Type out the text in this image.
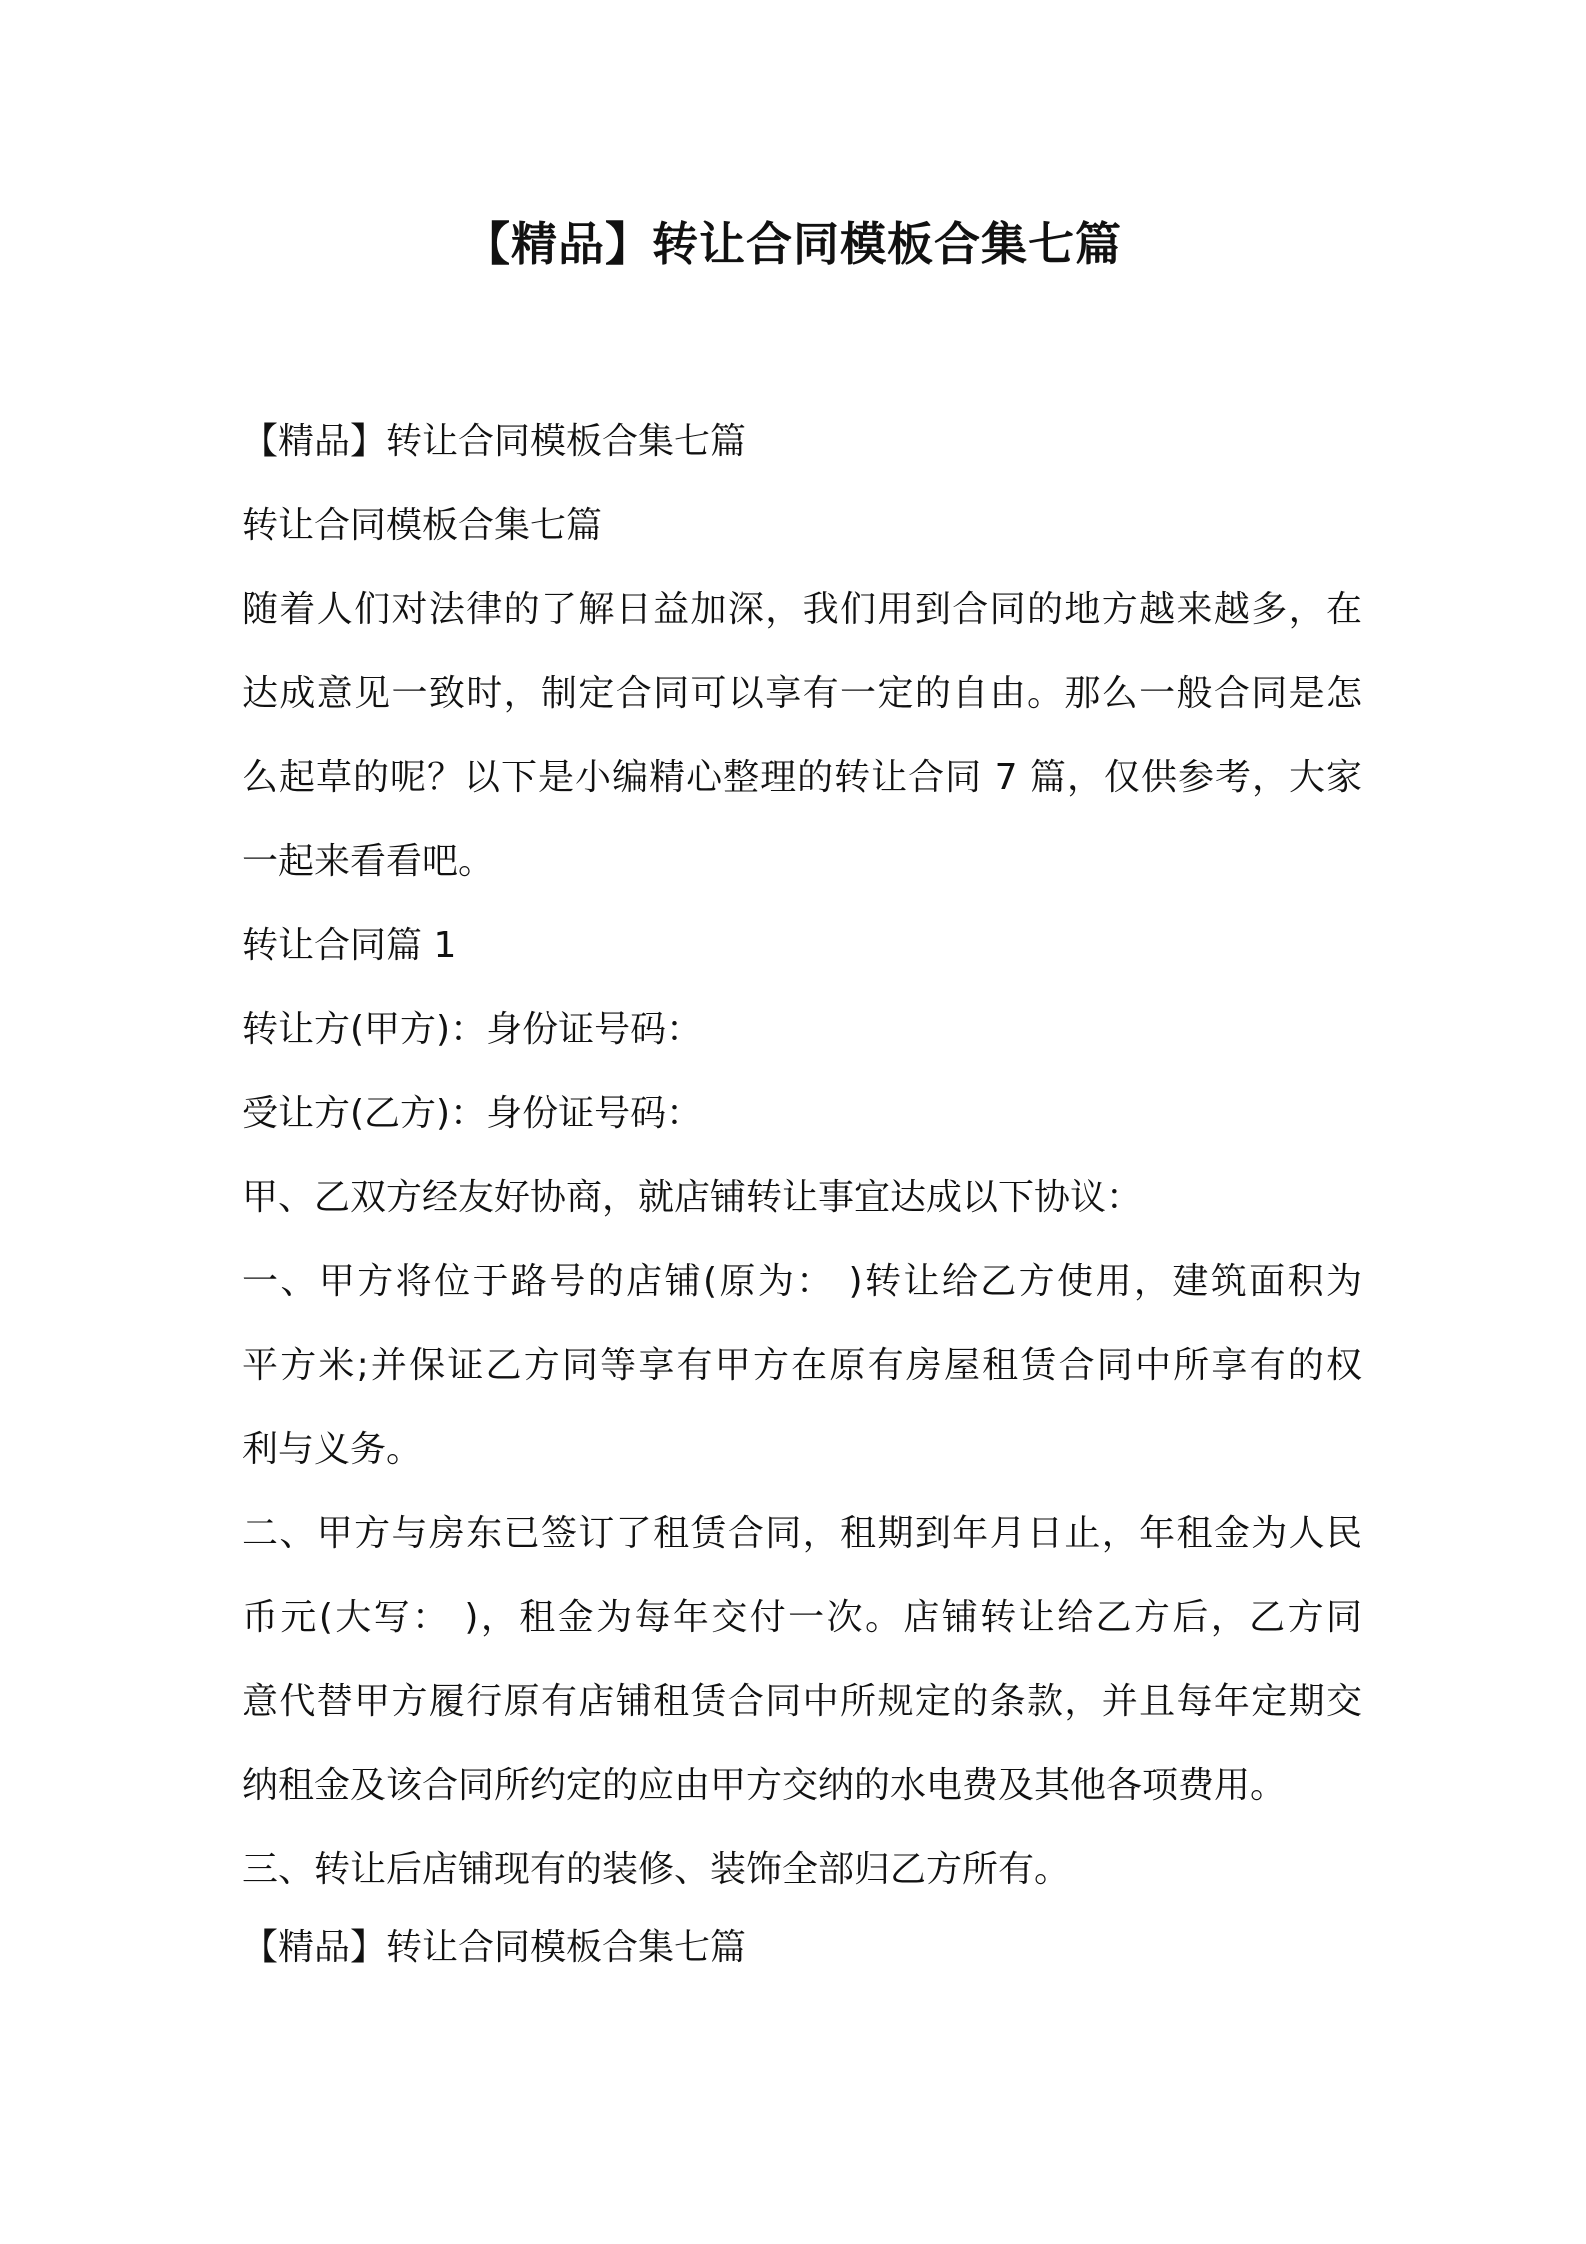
【精品】转让合同模板合集七篇
【精品】转让合同模板合集七篇
转让合同模板合集七篇
随着人们对法律的了解日益加深，我们用到合同的地方越来越多，在
达成意见一致时，制定合同可以享有一定的自由。那么一般合同是怎
么起草的呢？以下是小编精心整理的转让合同 7 篇，仅供参考，大家
一起来看看吧。
转让合同篇 1
转让方(甲方)：身份证号码：
受让方(乙方)：身份证号码：
甲、乙双方经友好协商，就店铺转让事宜达成以下协议：
一、甲方将位于路号的店铺(原为： )转让给乙方使用，建筑面积为
平方米;并保证乙方同等享有甲方在原有房屋租赁合同中所享有的权
利与义务。
二、甲方与房东已签订了租赁合同，租期到年月日止，年租金为人民
币元(大写： )，租金为每年交付一次。店铺转让给乙方后，乙方同
意代替甲方履行原有店铺租赁合同中所规定的条款，并且每年定期交
纳租金及该合同所约定的应由甲方交纳的水电费及其他各项费用。
三、转让后店铺现有的装修、装饰全部归乙方所有。
【精品】转让合同模板合集七篇
